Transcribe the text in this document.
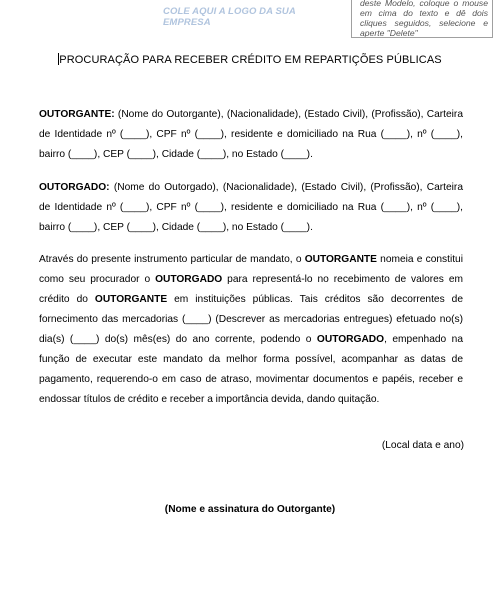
COLE AQUI A LOGO DA SUA EMPRESA
deste Modelo, coloque o mouse em cima do texto e dê dois cliques seguidos, selecione e aperte "Delete"
PROCURAÇÃO PARA RECEBER CRÉDITO EM REPARTIÇÕES PÚBLICAS
OUTORGANTE: (Nome do Outorgante), (Nacionalidade), (Estado Civil), (Profissão), Carteira de Identidade nº (____), CPF nº (____), residente e domiciliado na Rua (____), nº (____), bairro (____), CEP (____), Cidade (____), no Estado (____).
OUTORGADO: (Nome do Outorgado), (Nacionalidade), (Estado Civil), (Profissão), Carteira de Identidade nº (____), CPF nº (____), residente e domiciliado na Rua (____), nº (____), bairro (____), CEP (____), Cidade (____), no Estado (____).
Através do presente instrumento particular de mandato, o OUTORGANTE nomeia e constitui como seu procurador o OUTORGADO para representá-lo no recebimento de valores em crédito do OUTORGANTE em instituições públicas. Tais créditos são decorrentes de fornecimento das mercadorias (____) (Descrever as mercadorias entregues) efetuado no(s) dia(s) (____) do(s) mês(es) do ano corrente, podendo o OUTORGADO, empenhado na função de executar este mandato da melhor forma possível, acompanhar as datas de pagamento, requerendo-o em caso de atraso, movimentar documentos e papéis, receber e endossar títulos de crédito e receber a importância devida, dando quitação.
(Local data e ano)
(Nome e assinatura do Outorgante)
